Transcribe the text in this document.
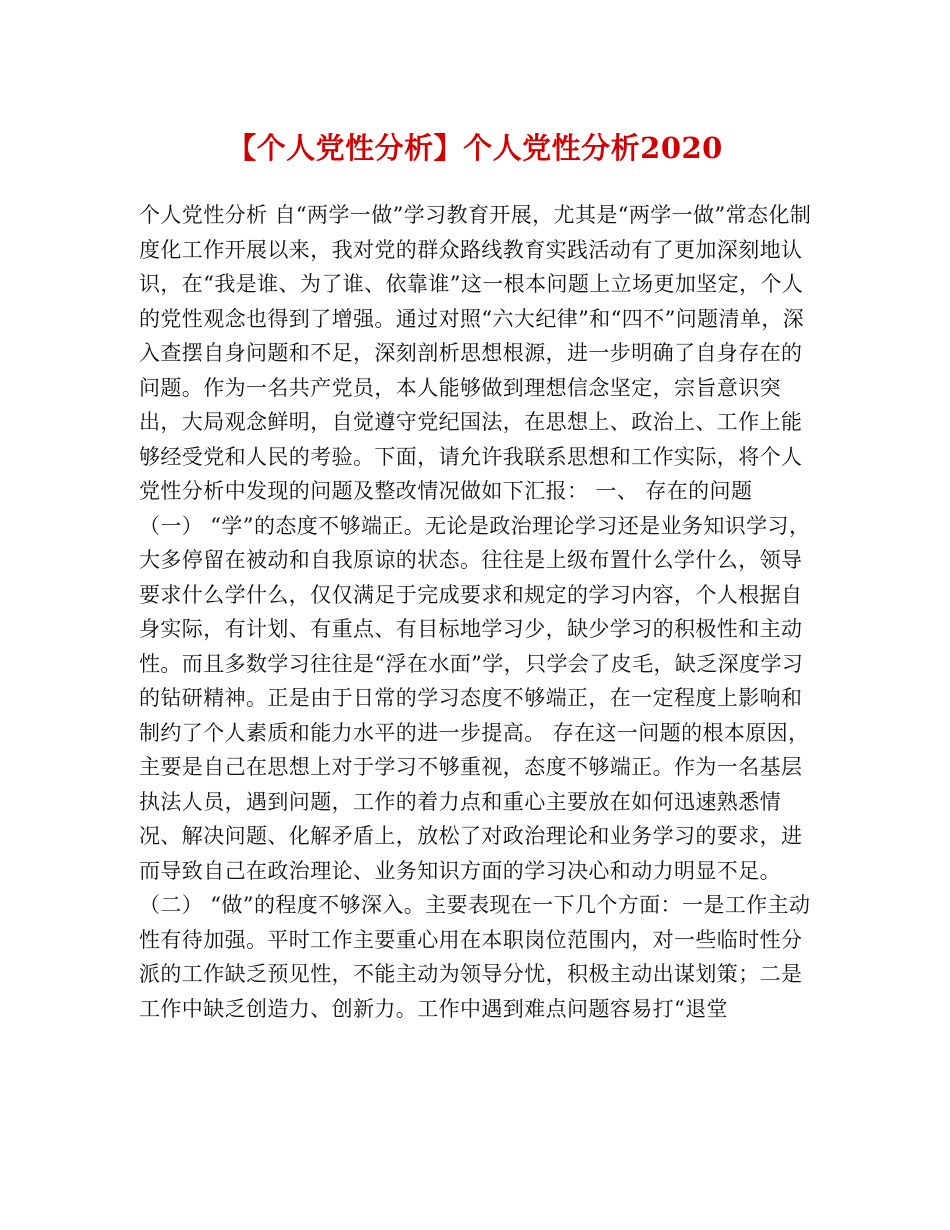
【个人党性分析】个人党性分析2020

个人党性分析 自“两学一做”学习教育开展，尤其是“两学一做”常态化制度化工作开展以来，我对党的群众路线教育实践活动有了更加深刻地认识，在“我是谁、为了谁、依靠谁”这一根本问题上立场更加坚定，个人的党性观念也得到了增强。通过对照“六大纪律”和“四不”问题清单，深入查摆自身问题和不足，深刻剖析思想根源，进一步明确了自身存在的问题。作为一名共产党员，本人能够做到理想信念坚定，宗旨意识突出，大局观念鲜明，自觉遵守党纪国法，在思想上、政治上、工作上能够经受党和人民的考验。下面，请允许我联系思想和工作实际，将个人党性分析中发现的问题及整改情况做如下汇报： 一、 存在的问题 （一） “学”的态度不够端正。无论是政治理论学习还是业务知识学习，大多停留在被动和自我原谅的状态。往往是上级布置什么学什么，领导要求什么学什么，仅仅满足于完成要求和规定的学习内容，个人根据自身实际，有计划、有重点、有目标地学习少，缺少学习的积极性和主动性。而且多数学习往往是“浮在水面”学，只学会了皮毛，缺乏深度学习的钻研精神。正是由于日常的学习态度不够端正，在一定程度上影响和制约了个人素质和能力水平的进一步提高。 存在这一问题的根本原因，主要是自己在思想上对于学习不够重视，态度不够端正。作为一名基层执法人员，遇到问题，工作的着力点和重心主要放在如何迅速熟悉情况、解决问题、化解矛盾上，放松了对政治理论和业务学习的要求，进而导致自己在政治理论、业务知识方面的学习决心和动力明显不足。

（二） “做”的程度不够深入。主要表现在一下几个方面：一是工作主动性有待加强。平时工作主要重心用在本职岗位范围内，对一些临时性分派的工作缺乏预见性，不能主动为领导分忧，积极主动出谋划策；二是工作中缺乏创造力、创新力。工作中遇到难点问题容易打“退堂
